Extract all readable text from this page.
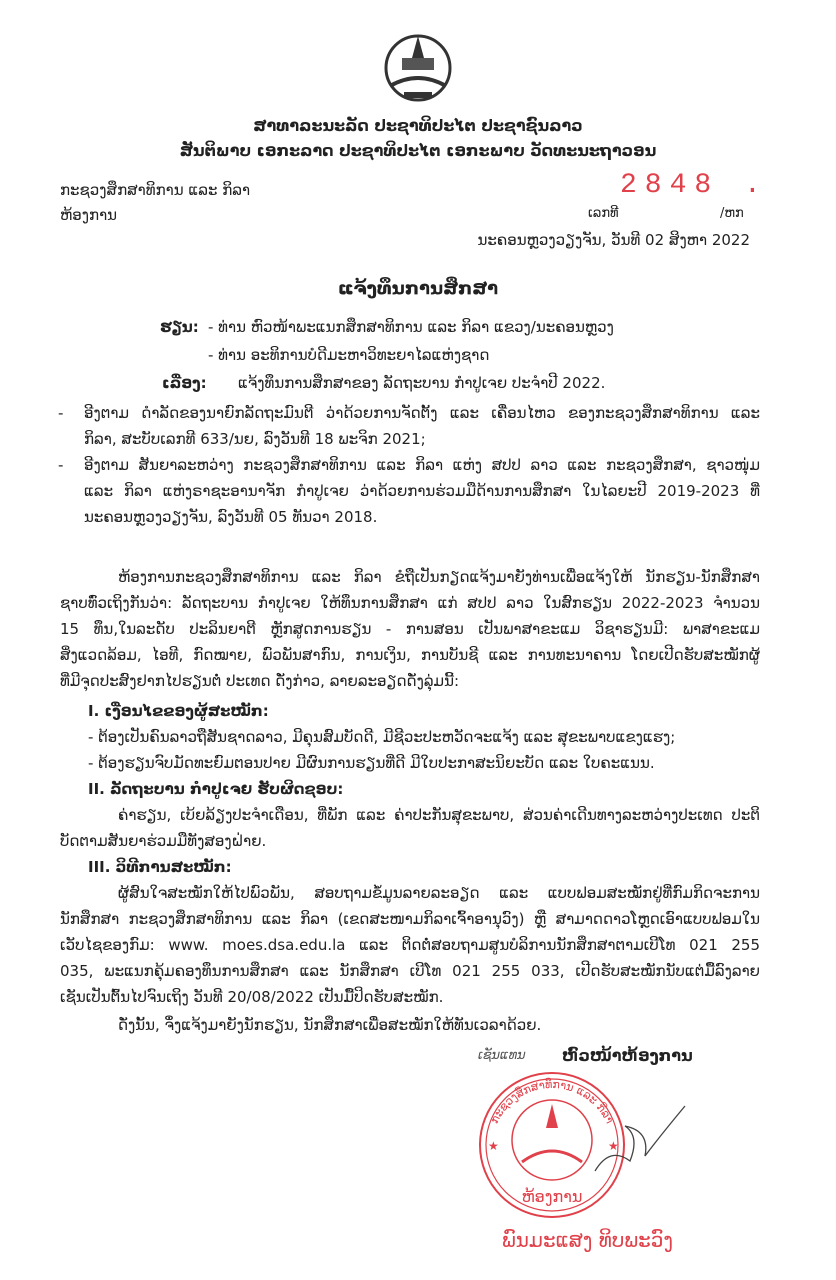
ສາທາລະນະລັດ ປະຊາທິປະໄຕ ປະຊາຊົນລາວ
ສັນຕິພາບ ເອກະລາດ ປະຊາທິປະໄຕ ເອກະພາບ ວັດທະນະຖາວອນ
ກະຊວງສຶກສາທິການ ແລະ ກິລາ
ຫ້ອງການ
2848 .
ເລກທີ	/ຫກ
ນະຄອນຫຼວງວຽງຈັນ, ວັນທີ 02 ສິງຫາ 2022
ແຈ້ງທຶນການສຶກສາ
ຮຽນ: - ທ່ານ ຫົວໜ້າພະແນກສຶກສາທິການ ແລະ ກິລາ ແຂວງ/ນະຄອນຫຼວງ
- ທ່ານ ອະທິການບໍດີມະຫາວິທະຍາໄລແຫ່ງຊາດ
ເລື່ອງ: ແຈ້ງທຶນການສຶກສາຂອງ ລັດຖະບານ ກຳປູເຈຍ ປະຈຳປີ 2022.
- ອີງຕາມ ດຳລັດຂອງນາຍົກລັດຖະມົນຕີ ວ່າດ້ວຍການຈັດຕັ້ງ ແລະ ເຄື່ອນໄຫວ ຂອງກະຊວງສຶກສາທິການ ແລະ
ກິລາ, ສະບັບເລກທີ 633/ນຍ, ລົງວັນທີ 18 ພະຈິກ 2021;
- ອີງຕາມ ສັນຍາລະຫວ່າງ ກະຊວງສຶກສາທິການ ແລະ ກິລາ ແຫ່ງ ສປປ ລາວ ແລະ ກະຊວງສຶກສາ, ຊາວໜຸ່ມ
ແລະ ກິລາ ແຫ່ງຣາຊະອານາຈັກ ກຳປູເຈຍ ວ່າດ້ວຍການຮ່ວມມືດ້ານການສຶກສາ ໃນໄລຍະປີ 2019-2023 ທີ່
ນະຄອນຫຼວງວຽງຈັນ, ລົງວັນທີ 05 ທັນວາ 2018.
ຫ້ອງການກະຊວງສຶກສາທິການ ແລະ ກິລາ ຂໍຖືເປັນກຽດແຈ້ງມາຍັງທ່ານເພື່ອແຈ້ງໃຫ້ ນັກຮຽນ-ນັກສຶກສາ
ຊາບທົ່ວເຖິງກັນວ່າ: ລັດຖະບານ ກຳປູເຈຍ ໃຫ້ທຶນການສຶກສາ ແກ່ ສປປ ລາວ ໃນສົກຮຽນ 2022-2023 ຈຳນວນ
15 ທຶນ,ໃນລະດັບ ປະລິນຍາຕີ ຫຼັກສູດການຮຽນ - ການສອນ ເປັນພາສາຂະແມ ວິຊາຮຽນມີ: ພາສາຂະແມ
ສິ່ງແວດລ້ອມ, ໄອທີ, ກົດໝາຍ, ພົວພັນສາກົນ, ການເງິນ, ການບັນຊີ ແລະ ການທະນາຄານ ໂດຍເປີດຮັບສະໝັກຜູ້
ທີ່ມີຈຸດປະສົງຢາກໄປຮຽນຕໍ່ ປະເທດ ດັ່ງກ່າວ, ລາຍລະອຽດດັ່ງລຸ່ມນີ້:
I. ເງື່ອນໄຂຂອງຜູ້ສະໝັກ:
- ຕ້ອງເປັນຄົນລາວຖືສັນຊາດລາວ, ມີຄຸນສົມບັດດີ, ມີຊີວະປະຫວັດຈະແຈ້ງ ແລະ ສຸຂະພາບແຂງແຮງ;
- ຕ້ອງຮຽນຈົບມັດທະຍົມຕອນປາຍ ມີຜົນການຮຽນທີ່ດີ ມີໃບປະກາສະນິຍະບັດ ແລະ ໃບຄະແນນ.
II. ລັດຖະບານ ກຳປູເຈຍ ຮັບຜິດຊອບ:
ຄ່າຮຽນ, ເບ້ຍລ້ຽງປະຈຳເດືອນ, ທີ່ພັກ ແລະ ຄ່າປະກັນສຸຂະພາບ, ສ່ວນຄ່າເດີນທາງລະຫວ່າງປະເທດ ປະຕິ
ບັດຕາມສັນຍາຮ່ວມມືທັງສອງຝ່າຍ.
III. ວິທີການສະໝັກ:
ຜູ້ສົນໃຈສະໝັກໃຫ້ໄປພົວພັນ, ສອບຖາມຂໍ້ມູນລາຍລະອຽດ ແລະ ແບບຟອມສະໝັກຢູ່ທີ່ກົມກິດຈະການ
ນັກສຶກສາ ກະຊວງສຶກສາທິການ ແລະ ກິລາ (ເຂດສະໜາມກິລາເຈົ້າອານຸວົງ) ຫຼື ສາມາດດາວໂຫຼດເອົາແບບຟອມໃນ
ເວັບໄຊຂອງກົມ: www. moes.dsa.edu.la ແລະ ຕິດຕໍ່ສອບຖາມສູນບໍລິການນັກສຶກສາຕາມເບີໂທ 021 255
035, ພະແນກຄຸ້ມຄອງທຶນການສຶກສາ ແລະ ນັກສຶກສາ ເບີໂທ 021 255 033, ເປີດຮັບສະໝັກນັບແຕ່ມື້ລົງລາຍ
ເຊັນເປັນຕົ້ນໄປຈົນເຖິງ ວັນທີ 20/08/2022 ເປັນມື້ປິດຮັບສະໝັກ.
ດັ່ງນັ້ນ, ຈຶ່ງແຈ້ງມາຍັງນັກຮຽນ, ນັກສຶກສາເພື່ອສະໝັກໃຫ້ທັນເວລາດ້ວຍ.
ເຊັນແທນ ຫົວໜ້າຫ້ອງການ
ກະຊວງສຶກສາທິການ ແລະ ກິລາ
ຫ້ອງການ
★	★
ພົນມະແສງ ທິບພະວົງ
